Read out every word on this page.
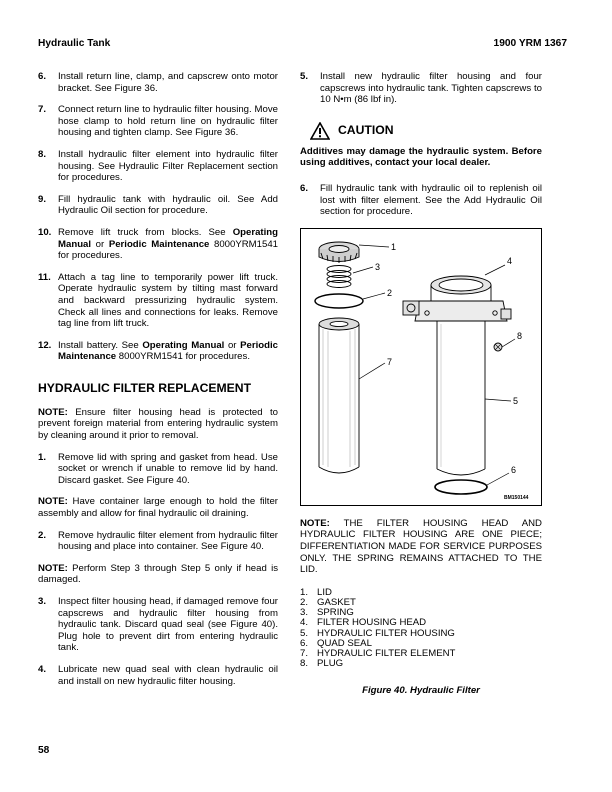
Hydraulic Tank	1900 YRM 1367
6. Install return line, clamp, and capscrew onto motor bracket. See Figure 36.
7. Connect return line to hydraulic filter housing. Move hose clamp to hold return line on hydraulic filter housing and tighten clamp. See Figure 36.
8. Install hydraulic filter element into hydraulic filter housing. See Hydraulic Filter Replacement section for procedures.
9. Fill hydraulic tank with hydraulic oil. See Add Hydraulic Oil section for procedure.
10. Remove lift truck from blocks. See Operating Manual or Periodic Maintenance 8000YRM1541 for procedures.
11. Attach a tag line to temporarily power lift truck. Operate hydraulic system by tilting mast forward and backward pressurizing hydraulic system. Check all lines and connections for leaks. Remove tag line from lift truck.
12. Install battery. See Operating Manual or Periodic Maintenance 8000YRM1541 for procedures.
HYDRAULIC FILTER REPLACEMENT
NOTE: Ensure filter housing head is protected to prevent foreign material from entering hydraulic system by cleaning around it prior to removal.
1. Remove lid with spring and gasket from head. Use socket or wrench if unable to remove lid by hand. Discard gasket. See Figure 40.
NOTE: Have container large enough to hold the filter assembly and allow for final hydraulic oil draining.
2. Remove hydraulic filter element from hydraulic filter housing and place into container. See Figure 40.
NOTE: Perform Step 3 through Step 5 only if head is damaged.
3. Inspect filter housing head, if damaged remove four capscrews and hydraulic filter housing from hydraulic tank. Discard quad seal (see Figure 40). Plug hole to prevent dirt from entering hydraulic tank.
4. Lubricate new quad seal with clean hydraulic oil and install on new hydraulic filter housing.
5. Install new hydraulic filter housing and four capscrews into hydraulic tank. Tighten capscrews to 10 N•m (86 lbf in).
CAUTION
Additives may damage the hydraulic system. Before using additives, contact your local dealer.
6. Fill hydraulic tank with hydraulic oil to replenish oil lost with filter element. See the Add Hydraulic Oil section for procedure.
1
3
2
7
4
8
5
6
BM150144
NOTE: THE FILTER HOUSING HEAD AND HYDRAULIC FILTER HOUSING ARE ONE PIECE; DIFFERENTIATION MADE FOR SERVICE PURPOSES ONLY. THE SPRING REMAINS ATTACHED TO THE LID.
1. LID
2. GASKET
3. SPRING
4. FILTER HOUSING HEAD
5. HYDRAULIC FILTER HOUSING
6. QUAD SEAL
7. HYDRAULIC FILTER ELEMENT
8. PLUG
Figure 40. Hydraulic Filter
58
